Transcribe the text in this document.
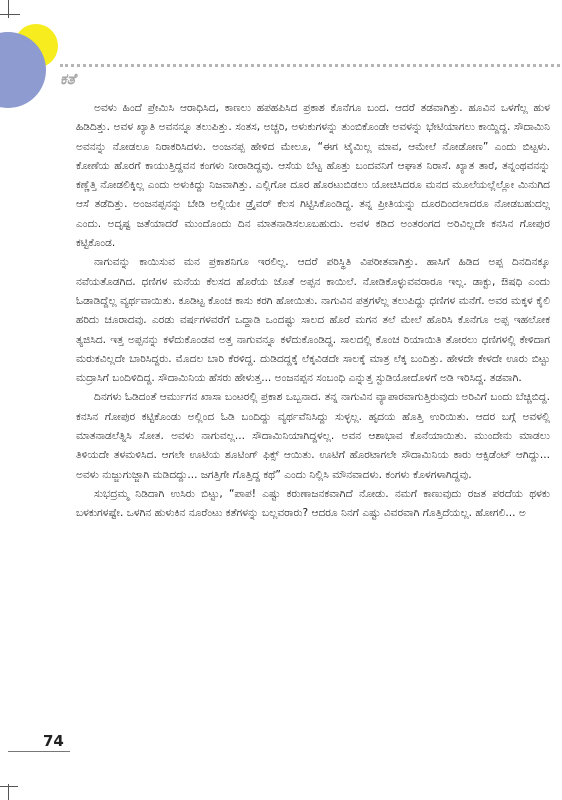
ಕತೆ

ಅವಳು ಹಿಂದೆ ಪ್ರೇಮಿಸಿ ಆರಾಧಿಸಿದ, ಕಾಣಲು ಹಪಹಪಿಸಿದ ಪ್ರಕಾಶ ಕೊನೆಗೂ ಬಂದ. ಆದರೆ ತಡವಾಗಿತ್ತು. ಹೂವಿನ ಒಳಗೆಲ್ಲ ಹುಳ ಹಿಡಿದಿತ್ತು. ಅವಳ ಖ್ಯಾತಿ ಅವನನ್ನೂ ತಲುಪಿತ್ತು. ಸಂತಸ, ಅಚ್ಚರಿ, ಅಳುಕುಗಳನ್ನು ತುಂಬಿಕೊಂಡೇ ಅವಳನ್ನು ಭೇಟಿಯಾಗಲು ಕಾಯ್ದಿದ್ದ. ಸೌದಾಮಿನಿ ಅವನನ್ನು ನೋಡಲೂ ನಿರಾಕರಿಸಿದಳು. ಅಂಜನಪ್ಪ ಹೇಳಿದ ಮೇಲೂ, “ಈಗ ಟೈಮಿಲ್ಲ ಮಾವ, ಆಮೇಲೆ ನೋಡೋಣ” ಎಂದು ಬಿಟ್ಟಳು. ಕೋಣೆಯ ಹೊರಗೆ ಕಾಯುತ್ತಿದ್ದವನ ಕಂಗಳು ನೀರಾಡಿದ್ದವು. ಆಸೆಯ ಬೆಟ್ಟ ಹೊತ್ತು ಬಂದವನಿಗೆ ಆಘಾತ ನಿರಾಸೆ. ಖ್ಯಾತ ತಾರೆ, ತನ್ನಂಥವನನ್ನು ಕಣ್ಣೆತ್ತಿ ನೋಡಲಿಕ್ಕಿಲ್ಲ ಎಂದು ಅಳುಕಿದ್ದು ನಿಜವಾಗಿತ್ತು. ಎಲ್ಲಿಗೋ ದೂರ ಹೊರಟುಬಿಡಲು ಯೋಚಿಸಿದರೂ ಮನದ ಮೂಲೆಯಲ್ಲೆಲ್ಲೋ ಮಿನುಗಿದ ಆಸೆ ತಡೆದಿತ್ತು. ಅಂಜನಪ್ಪನನ್ನು ಬೇಡಿ ಅಲ್ಲಿಯೇ ಡ್ರೈವರ್ ಕೆಲಸ ಗಿಟ್ಟಿಸಿಕೊಂಡಿದ್ದ. ತನ್ನ ಪ್ರೀತಿಯನ್ನು ದೂರದಿಂದಲಾದರೂ ನೋಡಬಹುದಲ್ಲ ಎಂದು. ಅದೃಷ್ಟ ಜತೆಯಾದರೆ ಮುಂದೊಂದು ದಿನ ಮಾತನಾಡಿಸಲೂಬಹುದು. ಅವಳ ಕಡಿದ ಅಂತರಂಗದ ಅರಿವಿಲ್ಲದೇ ಕನಸಿನ ಗೋಪುರ ಕಟ್ಟಿಕೊಂಡ.

ನಾಗುವನ್ನು ಕಾಯಿಸುವ ಮನ ಪ್ರಕಾಶನಿಗೂ ಇರಲಿಲ್ಲ. ಆದರೆ ಪರಿಸ್ಥಿತಿ ವಿಪರೀತವಾಗಿತ್ತು. ಹಾಸಿಗೆ ಹಿಡಿದ ಅಪ್ಪ ದಿನದಿನಕ್ಕೂ ನವೆಯತೊಡಗಿದ. ಧಣಿಗಳ ಮನೆಯ ಕೆಲಸದ ಹೊರೆಯ ಜೊತೆ ಅಪ್ಪನ ಕಾಯಿಲೆ. ನೋಡಿಕೊಳ್ಳುವವರಾರೂ ಇಲ್ಲ. ಡಾಕ್ಟು, ಔಷಧಿ ಎಂದು ಓಡಾಡಿದ್ದೆಲ್ಲ ವ್ಯರ್ಥವಾಯಿತು. ಕೂಡಿಟ್ಟ ಕೊಂಚ ಕಾಸು ಕರಗಿ ಹೋಯಿತು. ನಾಗುವಿನ ಪತ್ರಗಳೆಲ್ಲ ತಲುಪಿದ್ದು ಧಣಿಗಳ ಮನೆಗೆ. ಅವರ ಮಕ್ಕಳ ಕೈಲಿ ಹರಿದು ಚೂರಾದವು. ಎರಡು ವರ್ಷಗಳವರೆಗೆ ಒದ್ದಾಡಿ ಒಂದಷ್ಟು ಸಾಲದ ಹೊರೆ ಮಗನ ತಲೆ ಮೇಲೆ ಹೊರಿಸಿ ಕೊನೆಗೂ ಅಪ್ಪ ಇಹಲೋಕ ತ್ಯಜಿಸಿದ. ಇತ್ತ ಅಪ್ಪನನ್ನು ಕಳೆದುಕೊಂಡವ ಅತ್ತ ನಾಗುವನ್ನೂ ಕಳೆದುಕೊಂಡಿದ್ದ. ಸಾಲದಲ್ಲಿ ಕೊಂಚ ರಿಯಾಯಿತಿ ತೋರಲು ಧಣಿಗಳಲ್ಲಿ ಕೇಳಿದಾಗ ಮರುಕವಿಲ್ಲದೇ ಬಾರಿಸಿದ್ದರು. ಮೊದಲ ಬಾರಿ ಕೆರಳಿದ್ದ. ದುಡಿದದ್ದಕ್ಕೆ ಲೆಕ್ಕವಿಡದೇ ಸಾಲಕ್ಕೆ ಮಾತ್ರ ಲೆಕ್ಕ ಬಂದಿತ್ತು. ಹೇಳದೇ ಕೇಳದೇ ಊರು ಬಿಟ್ಟು ಮದ್ರಾಸಿಗೆ ಬಂದಿಳಿದಿದ್ದ. ಸೌದಾಮಿನಿಯ ಹೆಸರು ಹೇಳುತ್ತ... ಅಂಜನಪ್ಪನ ಸಂಬಂಧಿ ಎನ್ನುತ್ತ ಸ್ಟುಡಿಯೋದೊಳಗೆ ಅಡಿ ಇರಿಸಿದ್ದ. ತಡವಾಗಿ.

ದಿನಗಳು ಓಡಿದಂತೆ ಆರ್ಮುಗನ ಖಾಸಾ ಬಂಟರಲ್ಲಿ ಪ್ರಕಾಶ ಒಬ್ಬನಾದ. ತನ್ನ ನಾಗುವಿನ ವ್ಯಾಪಾರವಾಗುತ್ತಿರುವುದು ಅರಿವಿಗೆ ಬಂದು ಬೆಚ್ಚಿಬಿದ್ದ. ಕನಸಿನ ಗೋಪುರ ಕಟ್ಟಿಕೊಂಡು ಅಲ್ಲಿಂದ ಓಡಿ ಬಂದಿದ್ದು ವ್ಯರ್ಥವೆನಿಸಿದ್ದು ಸುಳ್ಳಲ್ಲ. ಹೃದಯ ಹೊತ್ತಿ ಉರಿಯಿತು. ಆದರ ಬಗ್ಗೆ ಅವಳಲ್ಲಿ ಮಾತನಾಡಲೆತ್ನಿಸಿ ಸೋತ. ಅವಳು ನಾಗುವಲ್ಲ... ಸೌದಾಮಿನಿಯಾಗಿದ್ದಳಲ್ಲ. ಅವನ ಆಶಾಭಾವ ಕೊನೆಯಾಯಿತು. ಮುಂದೇನು ಮಾಡಲು ತಿಳಿಯದೇ ತಳಮಳಿಸಿದ. ಆಗಲೇ ಊಟಿಯ ಶೂಟಿಂಗ್ ಫಿಕ್ಸ್ ಆಯಿತು. ಊಟಿಗೆ ಹೊರಟಾಗಲೇ ಸೌದಾಮಿನಿಯ ಕಾರು ಆಕ್ಸಿಡೆಂಟ್ ಆಗಿದ್ದು... ಅವಳು ನುಜ್ಜುಗುಜ್ಜಾಗಿ ಮಡಿದದ್ದು... ಜಗತ್ತಿಗೇ ಗೊತ್ತಿದ್ದ ಕಥೆ” ಎಂದು ನಿಲ್ಲಿಸಿ ಮೌನವಾದಳು. ಕಂಗಳು ಕೊಳಗಳಾಗಿದ್ದವು.

ಸುಭದ್ರಮ್ಮ ನಿಡಿದಾಗಿ ಉಸಿರು ಬಿಟ್ಟು, “ಪಾಪ! ಎಷ್ಟು ಕರುಣಾಜನಕವಾಗಿದೆ ನೋಡು. ನಮಗೆ ಕಾಣುವುದು ರಜತ ಪರದೆಯ ಥಳಕು ಬಳಕುಗಳಷ್ಟೇ. ಒಳಗಿನ ಹುಳುಕಿನ ನೂರೆಂಟು ಕತೆಗಳನ್ನು ಬಲ್ಲವರಾರು? ಆದರೂ ನಿನಗೆ ಎಷ್ಟು ವಿವರವಾಗಿ ಗೊತ್ತಿದೆಯಲ್ಲ. ಹೋಗಲಿ... ಅ

74
